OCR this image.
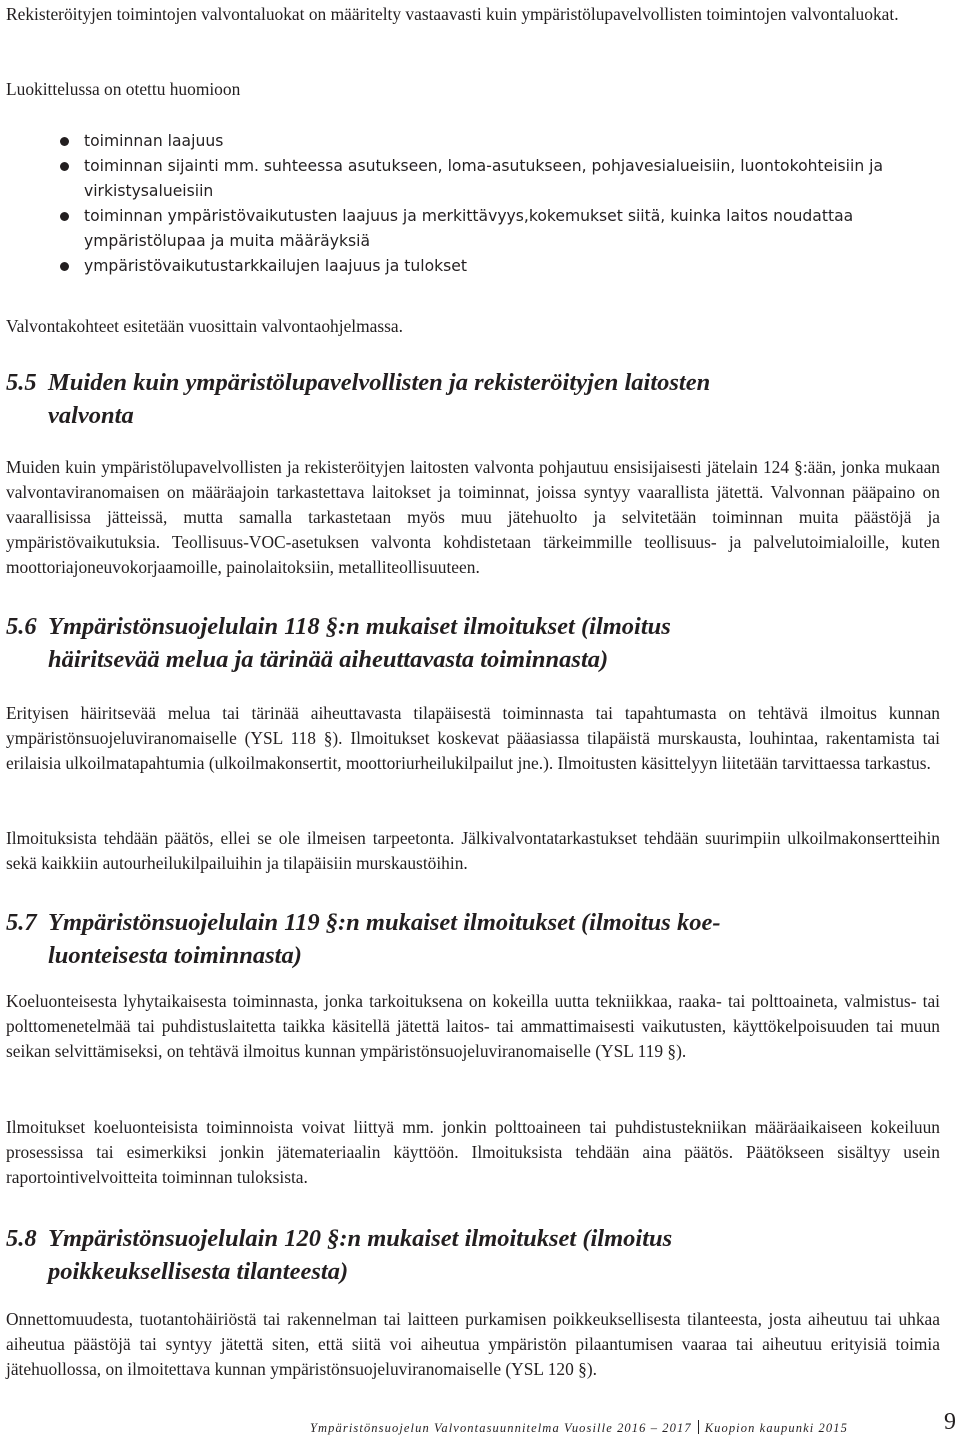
Rekisteröityjen toimintojen valvontaluokat on määritelty vastaavasti kuin ympäristölupavelvollisten toimintojen valvontaluokat.

Luokittelussa on otettu huomioon

toiminnan laajuus
toiminnan sijainti mm. suhteessa asutukseen, loma-asutukseen, pohjavesialueisiin, luontokohteisiin ja virkistysalueisiin
toiminnan ympäristövaikutusten laajuus ja merkittävyys,kokemukset siitä, kuinka laitos noudattaa ympäristölupaa ja muita määräyksiä
ympäristövaikutustarkkailujen laajuus ja tulokset

Valvontakohteet esitetään vuosittain valvontaohjelmassa.

5.5 Muiden kuin ympäristölupavelvollisten ja rekisteröityjen laitosten
valvonta

Muiden kuin ympäristölupavelvollisten ja rekisteröityjen laitosten valvonta pohjautuu ensisijaisesti jätelain 124 §:ään, jonka mukaan valvontaviranomaisen on määräajoin tarkastettava laitokset ja toiminnat, joissa syntyy vaarallista jätettä. Valvonnan pääpaino on vaarallisissa jätteissä, mutta samalla tarkastetaan myös muu jätehuolto ja selvitetään toiminnan muita päästöjä ja ympäristövaikutuksia. Teollisuus-VOC-asetuksen valvonta kohdistetaan tärkeimmille teollisuus- ja palvelutoimialoille, kuten moottoriajoneuvokorjaamoille, painolaitoksiin, metalliteollisuuteen.

5.6 Ympäristönsuojelulain 118 §:n mukaiset ilmoitukset (ilmoitus
häiritsevää melua ja tärinää aiheuttavasta toiminnasta)

Erityisen häiritsevää melua tai tärinää aiheuttavasta tilapäisestä toiminnasta tai tapahtumasta on tehtävä ilmoitus kunnan ympäristönsuojeluviranomaiselle (YSL 118 §). Ilmoitukset koskevat pääasiassa tilapäistä murskausta, louhintaa, rakentamista tai erilaisia ulkoilmatapahtumia (ulkoilmakonsertit, moottoriurheilukilpailut jne.). Ilmoitusten käsittelyyn liitetään tarvittaessa tarkastus.

Ilmoituksista tehdään päätös, ellei se ole ilmeisen tarpeetonta. Jälkivalvontatarkastukset tehdään suurimpiin ulkoilmakonsertteihin sekä kaikkiin autourheilukilpailuihin ja tilapäisiin murskaustöihin.

5.7 Ympäristönsuojelulain 119 §:n mukaiset ilmoitukset (ilmoitus koe-
luonteisesta toiminnasta)

Koeluonteisesta lyhytaikaisesta toiminnasta, jonka tarkoituksena on kokeilla uutta tekniikkaa, raaka- tai polttoaineta, valmistus- tai polttomenetelmää tai puhdistuslaitetta taikka käsitellä jätettä laitos- tai ammattimaisesti vaikutusten, käyttökelpoisuuden tai muun seikan selvittämiseksi, on tehtävä ilmoitus kunnan ympäristönsuojeluviranomaiselle (YSL 119 §).

Ilmoitukset koeluonteisista toiminnoista voivat liittyä mm. jonkin polttoaineen tai puhdistustekniikan määräaikaiseen kokeiluun prosessissa tai esimerkiksi jonkin jätemateriaalin käyttöön. Ilmoituksista tehdään aina päätös. Päätökseen sisältyy usein raportointivelvoitteita toiminnan tuloksista.

5.8 Ympäristönsuojelulain 120 §:n mukaiset ilmoitukset (ilmoitus
poikkeuksellisesta tilanteesta)

Onnettomuudesta, tuotantohäiriöstä tai rakennelman tai laitteen purkamisen poikkeuksellisesta tilanteesta, josta aiheutuu tai uhkaa aiheutua päästöjä tai syntyy jätettä siten, että siitä voi aiheutua ympäristön pilaantumisen vaaraa tai aiheutuu erityisiä toimia jätehuollossa, on ilmoitettava kunnan ympäristönsuojeluviranomaiselle (YSL 120 §).

Ympäristönsuojelun Valvontasuunnitelma Vuosille 2016 – 2017 Kuopion kaupunki 2015	9
